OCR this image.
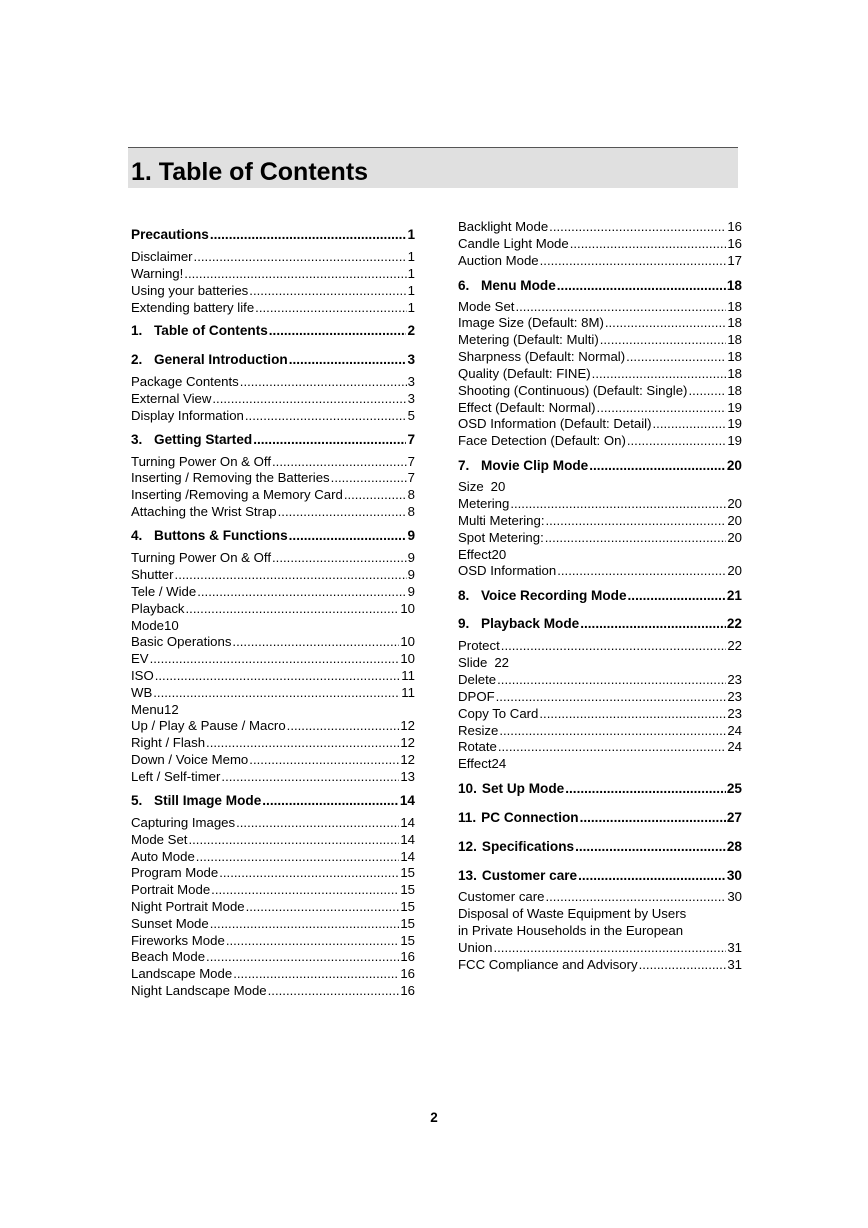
1. Table of Contents
Precautions .....	1
Disclaimer .....	1
Warning! .....	1
Using your batteries .....	1
Extending battery life .....	1
1. Table of Contents .....	2
2. General Introduction .....	3
Package Contents .....	3
External View .....	3
Display Information .....	5
3. Getting Started .....	7
Turning Power On & Off .....	7
Inserting / Removing the Batteries .....	7
Inserting /Removing a Memory Card .....	8
Attaching the Wrist Strap .....	8
4. Buttons & Functions .....	9
Turning Power On & Off .....	9
Shutter .....	9
Tele / Wide .....	9
Playback .....	10
Mode10
Basic Operations .....	10
EV .....	10
ISO .....	11
WB .....	11
Menu12
Up / Play & Pause / Macro .....	12
Right / Flash .....	12
Down / Voice Memo .....	12
Left / Self-timer .....	13
5. Still Image Mode .....	14
Capturing Images .....	14
Mode Set .....	14
Auto Mode .....	14
Program Mode .....	15
Portrait Mode .....	15
Night Portrait Mode .....	15
Sunset Mode .....	15
Fireworks Mode .....	15
Beach Mode .....	16
Landscape Mode .....	16
Night Landscape Mode .....	16
Backlight Mode .....	16
Candle Light Mode .....	16
Auction Mode .....	17
6. Menu Mode .....	18
Mode Set .....	18
Image Size (Default: 8M) .....	18
Metering (Default: Multi) .....	18
Sharpness (Default: Normal) .....	18
Quality (Default: FINE) .....	18
Shooting (Continuous) (Default: Single) .....	18
Effect (Default: Normal) .....	19
OSD Information (Default: Detail) .....	19
Face Detection (Default: On) .....	19
7. Movie Clip Mode .....	20
Size 20
Metering .....	20
Multi Metering: .....	20
Spot Metering: .....	20
Effect20
OSD Information .....	20
8. Voice Recording Mode .....	21
9. Playback Mode .....	22
Protect .....	22
Slide 22
Delete .....	23
DPOF .....	23
Copy To Card .....	23
Resize .....	24
Rotate .....	24
Effect24
10. Set Up Mode .....	25
11. PC Connection .....	27
12. Specifications .....	28
13. Customer care .....	30
Customer care .....	30
Disposal of Waste Equipment by Users
in Private Households in the European
Union .....	31
FCC Compliance and Advisory .....	31
2
